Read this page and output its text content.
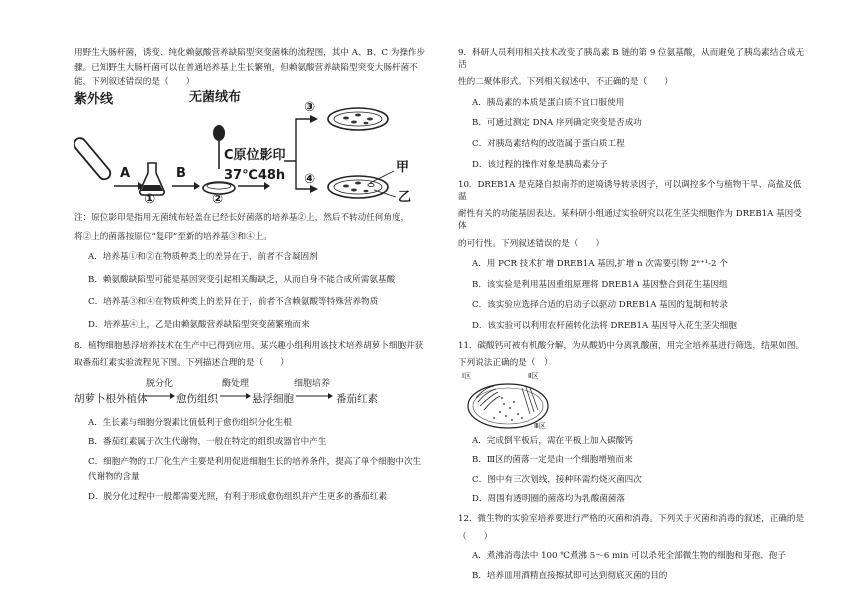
用野生大肠杆菌，诱变、纯化赖氨酸营养缺陷型突变菌株的流程图，其中 A、B、C 为操作步

骤。已知野生大肠杆菌可以在普通培养基上生长繁殖，但赖氨酸营养缺陷型突变大肠杆菌不

能，下列叙述错误的是（　　）

紫外线	无菌绒布
A	B
C原位影印
37℃48h
①	②
③
④
甲
乙

注：原位影印是指用无菌绒布轻盖在已经长好菌落的培养基②上，然后不转动任何角度，

将②上的菌落按原位“复印”至新的培养基③和④上。

A．培养基①和②在物质种类上的差异在于，前者不含凝固剂

B．赖氨酸缺陷型可能是基因突变引起相关酶缺乏，从而自身不能合成所需氨基酸

C．培养基③和④在物质种类上的差异在于，前者不含赖氨酸等特殊营养物质

D．培养基④上，乙是由赖氨酸营养缺陷型突变菌繁殖而来

8．植物细胞悬浮培养技术在生产中已得到应用。某兴趣小组利用该技术培养胡萝卜细胞并获

取番茄红素实验流程见下图。下列描述合理的是（　　）

胡萝卜根外植体
脱分化
愈伤组织
酶处理
悬浮细胞
细胞培养
番茄红素

A．生长素与细胞分裂素比值低利于愈伤组织分化生根

B．番茄红素属于次生代谢物，一般在特定的组织或器官中产生

C．细胞产物的工厂化生产主要是利用促进细胞生长的培养条件，提高了单个细胞中次生

代谢物的含量

D．脱分化过程中一般都需要光照，有利于形成愈伤组织并产生更多的番茄红素

9．科研人员利用相关技术改变了胰岛素 B 链的第 9 位氨基酸，从而避免了胰岛素结合成无活

性的二聚体形式。下列相关叙述中，不正确的是（　　）

A．胰岛素的本质是蛋白质不宜口服使用

B．可通过测定 DNA 序列确定突变是否成功

C．对胰岛素结构的改造属于蛋白质工程

D．该过程的操作对象是胰岛素分子

10．DREB1A 是克隆自拟南芥的逆境诱导转录因子，可以调控多个与植物干旱、高盐及低温

耐性有关的功能基因表达。某科研小组通过实验研究以花生茎尖细胞作为 DREB1A 基因受体

的可行性。下列叙述错误的是（　　）

A．用 PCR 技术扩增 DREB1A 基因,扩增 n 次需要引物 2ⁿ⁺¹-2 个

B．该实验是利用基因重组原理将 DREB1A 基因整合到花生基因组

C．该实验应选择合适的启动子以驱动 DREB1A 基因的复制和转录

D．该实验可以利用农杆菌转化法将 DREB1A 基因导入花生茎尖细胞

11．碳酸钙可被有机酸分解，为从酸奶中分离乳酸菌，用完全培养基进行筛选，结果如图。

下列说法正确的是（　）

Ⅰ区	Ⅱ区
Ⅲ区

A．完成倒平板后，需在平板上加入碳酸钙

B．Ⅲ区的菌落一定是由一个细胞增殖而来

C．图中有三次划线，接种环需灼烧灭菌四次

D．周围有透明圈的菌落均为乳酸菌菌落

12．微生物的实验室培养要进行严格的灭菌和消毒。下列关于灭菌和消毒的叙述，正确的是

（　　）

A．煮沸消毒法中 100 ℃煮沸 5～6 min 可以杀死全部微生物的细胞和芽孢、孢子

B．培养皿用酒精直接擦拭即可达到彻底灭菌的目的
